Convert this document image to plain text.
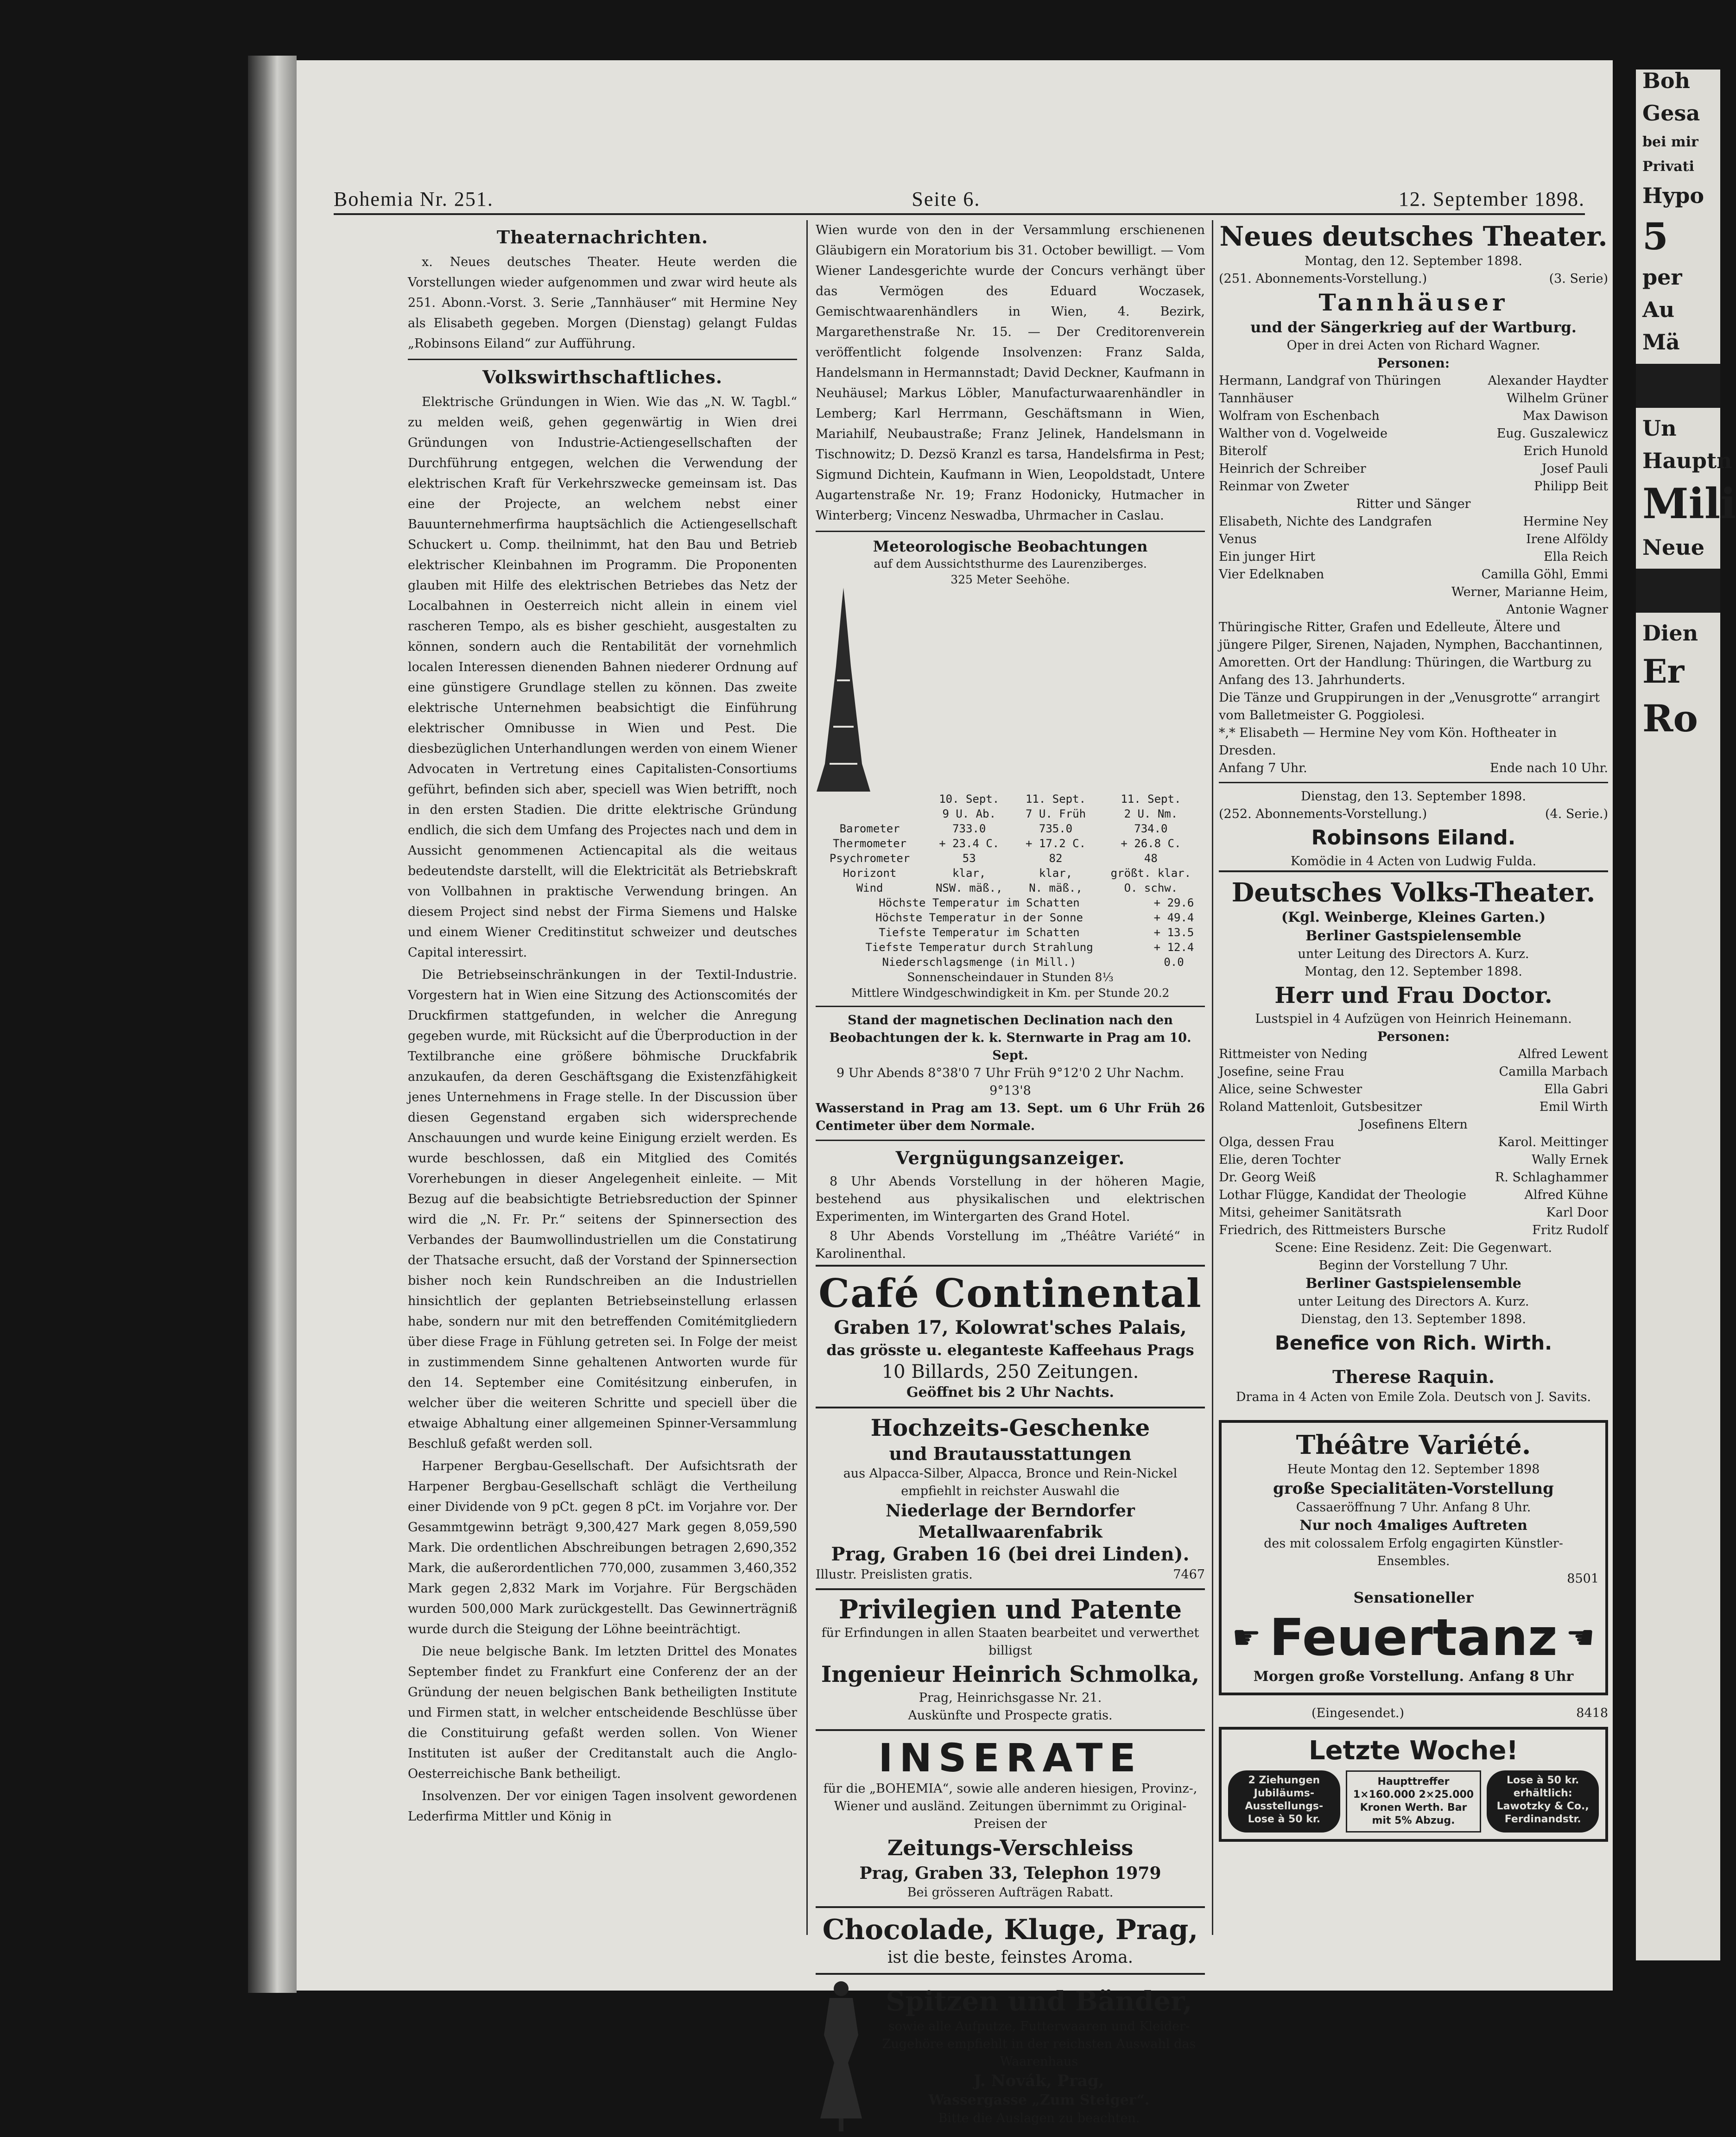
Bohemia Nr. 251.	Seite 6.	12. September 1898.
Theaternachrichten.

x. Neues deutsches Theater. Heute werden die Vorstellungen wieder aufgenommen und zwar wird heute als 251. Abonn.-Vorst. 3. Serie „Tannhäuser“ mit Hermine Ney als Elisabeth gegeben. Morgen (Dienstag) gelangt Fuldas „Robinsons Eiland“ zur Aufführung.

Volkswirthschaftliches.

Elektrische Gründungen in Wien. Wie das „N. W. Tagbl.“ zu melden weiß, gehen gegenwärtig in Wien drei Gründungen von Industrie-Actiengesellschaften der Durchführung entgegen, welchen die Verwendung der elektrischen Kraft für Verkehrszwecke gemeinsam ist. Das eine der Projecte, an welchem nebst einer Bauunternehmerfirma hauptsächlich die Actiengesellschaft Schuckert u. Comp. theilnimmt, hat den Bau und Betrieb elektrischer Kleinbahnen im Programm. Die Proponenten glauben mit Hilfe des elektrischen Betriebes das Netz der Localbahnen in Oesterreich nicht allein in einem viel rascheren Tempo, als es bisher geschieht, ausgestalten zu können, sondern auch die Rentabilität der vornehmlich localen Interessen dienenden Bahnen niederer Ordnung auf eine günstigere Grundlage stellen zu können. Das zweite elektrische Unternehmen beabsichtigt die Einführung elektrischer Omnibusse in Wien und Pest. Die diesbezüglichen Unterhandlungen werden von einem Wiener Advocaten in Vertretung eines Capitalisten-Consortiums geführt, befinden sich aber, speciell was Wien betrifft, noch in den ersten Stadien. Die dritte elektrische Gründung endlich, die sich dem Umfang des Projectes nach und dem in Aussicht genommenen Actiencapital als die weitaus bedeutendste darstellt, will die Elektricität als Betriebskraft von Vollbahnen in praktische Verwendung bringen. An diesem Project sind nebst der Firma Siemens und Halske und einem Wiener Creditinstitut schweizer und deutsches Capital interessirt.

Die Betriebseinschränkungen in der Textil-Industrie. Vorgestern hat in Wien eine Sitzung des Actionscomités der Druckfirmen stattgefunden, in welcher die Anregung gegeben wurde, mit Rücksicht auf die Überproduction in der Textilbranche eine größere böhmische Druckfabrik anzukaufen, da deren Geschäftsgang die Existenzfähigkeit jenes Unternehmens in Frage stelle. In der Discussion über diesen Gegenstand ergaben sich widersprechende Anschauungen und wurde keine Einigung erzielt werden. Es wurde beschlossen, daß ein Mitglied des Comités Vorerhebungen in dieser Angelegenheit einleite. — Mit Bezug auf die beabsichtigte Betriebsreduction der Spinner wird die „N. Fr. Pr.“ seitens der Spinnersection des Verbandes der Baumwollindustriellen um die Constatirung der Thatsache ersucht, daß der Vorstand der Spinnersection bisher noch kein Rundschreiben an die Industriellen hinsichtlich der geplanten Betriebseinstellung erlassen habe, sondern nur mit den betreffenden Comitémitgliedern über diese Frage in Fühlung getreten sei. In Folge der meist in zustimmendem Sinne gehaltenen Antworten wurde für den 14. September eine Comitésitzung einberufen, in welcher über die weiteren Schritte und speciell über die etwaige Abhaltung einer allgemeinen Spinner-Versammlung Beschluß gefaßt werden soll.

Harpener Bergbau-Gesellschaft. Der Aufsichtsrath der Harpener Bergbau-Gesellschaft schlägt die Vertheilung einer Dividende von 9 pCt. gegen 8 pCt. im Vorjahre vor. Der Gesammtgewinn beträgt 9,300,427 Mark gegen 8,059,590 Mark. Die ordentlichen Abschreibungen betragen 2,690,352 Mark, die außerordentlichen 770,000, zusammen 3,460,352 Mark gegen 2,832 Mark im Vorjahre. Für Bergschäden wurden 500,000 Mark zurückgestellt. Das Gewinnerträgniß wurde durch die Steigung der Löhne beeinträchtigt.

Die neue belgische Bank. Im letzten Drittel des Monates September findet zu Frankfurt eine Conferenz der an der Gründung der neuen belgischen Bank betheiligten Institute und Firmen statt, in welcher entscheidende Beschlüsse über die Constituirung gefaßt werden sollen. Von Wiener Instituten ist außer der Creditanstalt auch die Anglo-Oesterreichische Bank betheiligt.

Insolvenzen. Der vor einigen Tagen insolvent gewordenen Lederfirma Mittler und König in

Wien wurde von den in der Versammlung erschienenen Gläubigern ein Moratorium bis 31. October bewilligt. — Vom Wiener Landesgerichte wurde der Concurs verhängt über das Vermögen des Eduard Woczasek, Gemischtwaarenhändlers in Wien, 4. Bezirk, Margarethenstraße Nr. 15. — Der Creditorenverein veröffentlicht folgende Insolvenzen: Franz Salda, Handelsmann in Hermannstadt; David Deckner, Kaufmann in Neuhäusel; Markus Löbler, Manufacturwaarenhändler in Lemberg; Karl Herrmann, Geschäftsmann in Wien, Mariahilf, Neubaustraße; Franz Jelinek, Handelsmann in Tischnowitz; D. Dezsö Kranzl es tarsa, Handelsfirma in Pest; Sigmund Dichtein, Kaufmann in Wien, Leopoldstadt, Untere Augartenstraße Nr. 19; Franz Hodonicky, Hutmacher in Winterberg; Vincenz Neswadba, Uhrmacher in Caslau.

Meteorologische Beobachtungen
auf dem Aussichtsthurme des Laurenziberges.
325 Meter Seehöhe.
	10. Sept.	11. Sept.	11. Sept.
	9 U. Ab.	7 U. Früh	2 U. Nm.
Barometer	733.0	735.0	734.0
Thermometer	+ 23.4 C.	+ 17.2 C.	+ 26.8 C.
Psychrometer	53	82	48
Horizont	klar,	klar,	größt. klar.
Wind	NSW. mäß.,	N. mäß.,	O. schw.
Höchste Temperatur im Schatten	+ 29.6
Höchste Temperatur in der Sonne	+ 49.4
Tiefste Temperatur im Schatten	+ 13.5
Tiefste Temperatur durch Strahlung	+ 12.4
Niederschlagsmenge (in Mill.)	0.0
Sonnenscheindauer in Stunden 8⅓
Mittlere Windgeschwindigkeit in Km. per Stunde 20.2
Stand der magnetischen Declination nach den Beobachtungen der k. k. Sternwarte in Prag am 10. Sept.
9 Uhr Abends 8°38'0 7 Uhr Früh 9°12'0 2 Uhr Nachm. 9°13'8
Wasserstand in Prag am 13. Sept. um 6 Uhr Früh 26 Centimeter über dem Normale.
Vergnügungsanzeiger.

8 Uhr Abends Vorstellung in der höheren Magie, bestehend aus physikalischen und elektrischen Experimenten, im Wintergarten des Grand Hotel.

8 Uhr Abends Vorstellung im „Théâtre Variété“ in Karolinenthal.

Café Continental
Graben 17, Kolowrat'sches Palais,
das grösste u. eleganteste Kaffeehaus Prags
10 Billards, 250 Zeitungen.
Geöffnet bis 2 Uhr Nachts.
Hochzeits-Geschenke
und Brautausstattungen
aus Alpacca-Silber, Alpacca, Bronce und Rein-Nickel empfiehlt in reichster Auswahl die
Niederlage der Berndorfer Metallwaarenfabrik
Prag, Graben 16 (bei drei Linden).
Illustr. Preislisten gratis.	7467
Privilegien und Patente
für Erfindungen in allen Staaten bearbeitet und verwerthet billigst
Ingenieur Heinrich Schmolka,
Prag, Heinrichsgasse Nr. 21.
Auskünfte und Prospecte gratis.
INSERATE
für die „BOHEMIA“, sowie alle anderen hiesigen, Provinz-, Wiener und ausländ. Zeitungen übernimmt zu Original-Preisen der
Zeitungs-Verschleiss
Prag, Graben 33, Telephon 1979
Bei grösseren Aufträgen Rabatt.
Chocolade, Kluge, Prag,
ist die beste, feinstes Aroma.
Spitzen und Bänder,
sowie alle Aufputze, Futterwaaren und Kleider-Zugehöre empfiehlt in der reichsten Auswahl das Waarenhaus
J. Novák, Prag,
Wassergasse „Zum Steiger“.
Bitte die Auslagen zu beachten.
Neues deutsches Theater.
Montag, den 12. September 1898.
(251. Abonnements-Vorstellung.)	(3. Serie)
Tannhäuser
und der Sängerkrieg auf der Wartburg.
Oper in drei Acten von Richard Wagner.
Personen:
Hermann, Landgraf von Thüringen	Alexander Haydter
Tannhäuser	Wilhelm Grüner
Wolfram von Eschenbach	Max Dawison
Walther von d. Vogelweide	Eug. Guszalewicz
Biterolf	Erich Hunold
Heinrich der Schreiber	Josef Pauli
Reinmar von Zweter	Philipp Beit
Ritter und Sänger
Elisabeth, Nichte des Landgrafen	Hermine Ney
Venus	Irene Alföldy
Ein junger Hirt	Ella Reich
Vier Edelknaben	Camilla Göhl, Emmi Werner, Marianne Heim, Antonie Wagner
Thüringische Ritter, Grafen und Edelleute, Ältere und jüngere Pilger, Sirenen, Najaden, Nymphen, Bacchantinnen, Amoretten. Ort der Handlung: Thüringen, die Wartburg zu Anfang des 13. Jahrhunderts.
Die Tänze und Gruppirungen in der „Venusgrotte“ arrangirt vom Balletmeister G. Poggiolesi.
*,* Elisabeth — Hermine Ney vom Kön. Hoftheater in Dresden.
Anfang 7 Uhr.	Ende nach 10 Uhr.
Dienstag, den 13. September 1898.
(252. Abonnements-Vorstellung.)	(4. Serie.)
Robinsons Eiland.
Komödie in 4 Acten von Ludwig Fulda.
Deutsches Volks-Theater.
(Kgl. Weinberge, Kleines Garten.)
Berliner Gastspielensemble
unter Leitung des Directors A. Kurz.
Montag, den 12. September 1898.
Herr und Frau Doctor.
Lustspiel in 4 Aufzügen von Heinrich Heinemann.
Personen:
Rittmeister von Neding	Alfred Lewent
Josefine, seine Frau	Camilla Marbach
Alice, seine Schwester	Ella Gabri
Roland Mattenloit, Gutsbesitzer	Emil Wirth
Josefinens Eltern
Olga, dessen Frau	Karol. Meittinger
Elie, deren Tochter	Wally Ernek
Dr. Georg Weiß	R. Schlaghammer
Lothar Flügge, Kandidat der Theologie	Alfred Kühne
Mitsi, geheimer Sanitätsrath	Karl Door
Friedrich, des Rittmeisters Bursche	Fritz Rudolf
Scene: Eine Residenz. Zeit: Die Gegenwart.
Beginn der Vorstellung 7 Uhr.
Berliner Gastspielensemble
unter Leitung des Directors A. Kurz.
Dienstag, den 13. September 1898.
Benefice von Rich. Wirth.
Therese Raquin.
Drama in 4 Acten von Emile Zola. Deutsch von J. Savits.
Théâtre Variété.
Heute Montag den 12. September 1898
große Specialitäten-Vorstellung
Cassaeröffnung 7 Uhr. Anfang 8 Uhr.
Nur noch 4maliges Auftreten
des mit colossalem Erfolg engagirten Künstler-Ensembles.
8501
Sensationeller
☛ Feuertanz ☚
Morgen große Vorstellung. Anfang 8 Uhr
(Eingesendet.)	8418
Letzte Woche!
2 Ziehungen Jubiläums-Ausstellungs-Lose à 50 kr.
Haupttreffer 1×160.000 2×25.000 Kronen Werth. Bar mit 5% Abzug.
Lose à 50 kr. erhältlich: Lawotzky & Co., Ferdinandstr.
Boh
Gesa
bei mir
Privati
Hypo
5
per
Au
Mä
Un
Hauptn
Mili
Neue
Dien
Er
Ro
